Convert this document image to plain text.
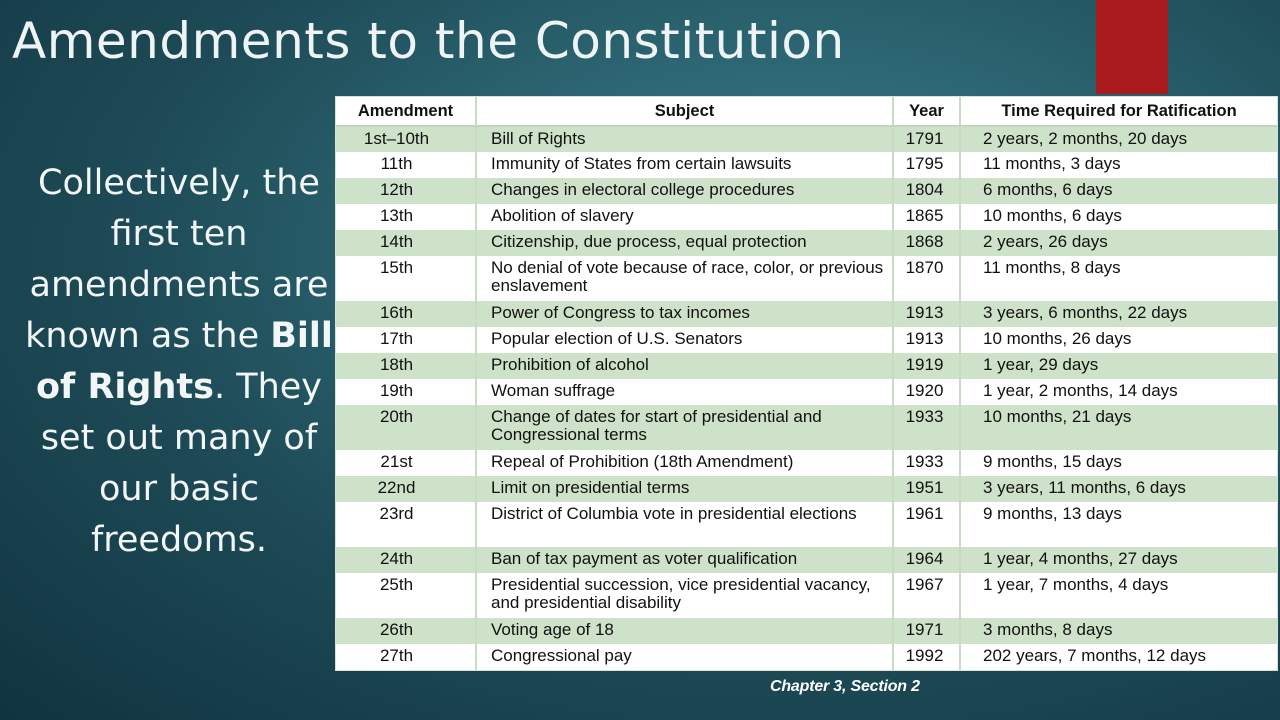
Amendments to the Constitution
Collectively, the first ten amendments are known as the Bill of Rights. They set out many of our basic freedoms.
Amendment	Subject	Year	Time Required for Ratification
1st–10th	Bill of Rights	1791	2 years, 2 months, 20 days
11th	Immunity of States from certain lawsuits	1795	11 months, 3 days
12th	Changes in electoral college procedures	1804	6 months, 6 days
13th	Abolition of slavery	1865	10 months, 6 days
14th	Citizenship, due process, equal protection	1868	2 years, 26 days
15th	No denial of vote because of race, color, or previous enslavement	1870	11 months, 8 days
16th	Power of Congress to tax incomes	1913	3 years, 6 months, 22 days
17th	Popular election of U.S. Senators	1913	10 months, 26 days
18th	Prohibition of alcohol	1919	1 year, 29 days
19th	Woman suffrage	1920	1 year, 2 months, 14 days
20th	Change of dates for start of presidential and Congressional terms	1933	10 months, 21 days
21st	Repeal of Prohibition (18th Amendment)	1933	9 months, 15 days
22nd	Limit on presidential terms	1951	3 years, 11 months, 6 days
23rd	District of Columbia vote in presidential elections	1961	9 months, 13 days
24th	Ban of tax payment as voter qualification	1964	1 year, 4 months, 27 days
25th	Presidential succession, vice presidential vacancy, and presidential disability	1967	1 year, 7 months, 4 days
26th	Voting age of 18	1971	3 months, 8 days
27th	Congressional pay	1992	202 years, 7 months, 12 days
Chapter 3, Section 2
